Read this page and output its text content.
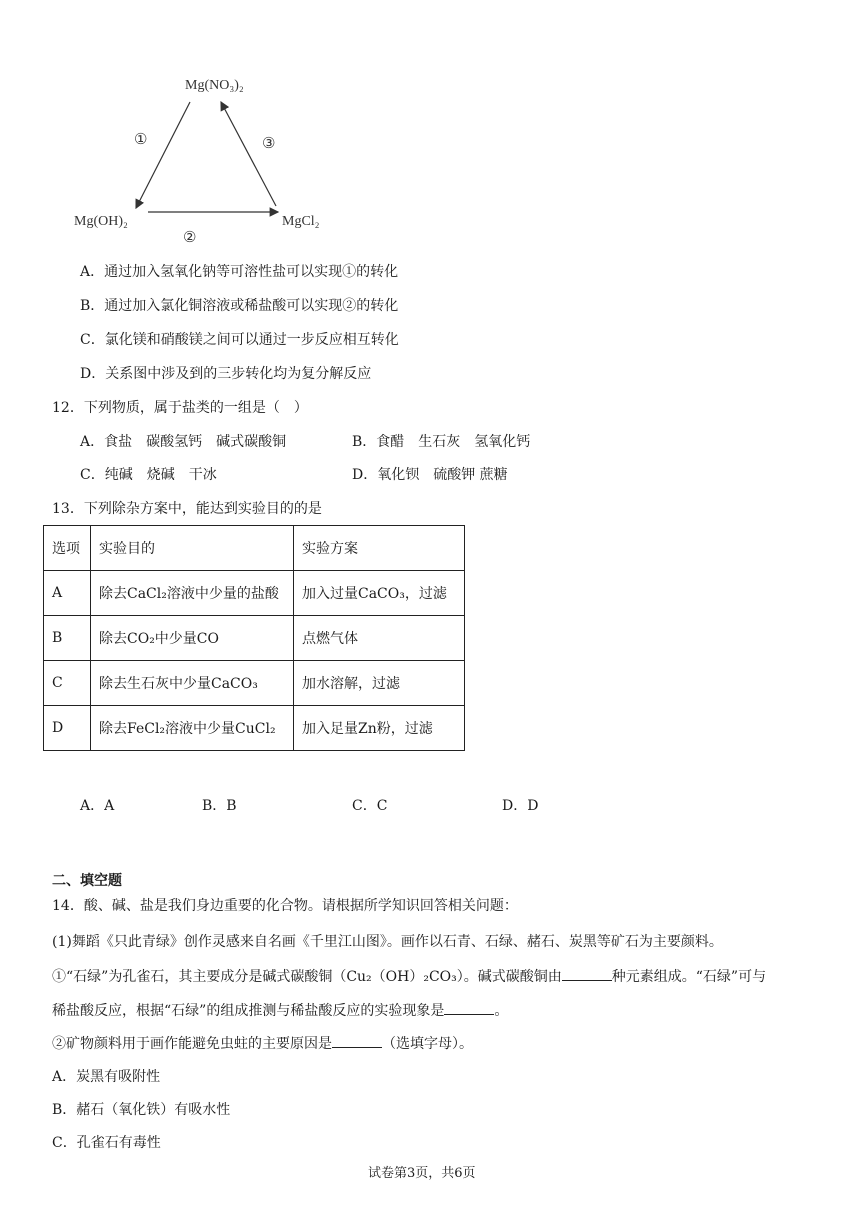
Mg(NO₃)₂
Mg(OH)₂	MgCl₂
①
②
③
A．通过加入氢氧化钠等可溶性盐可以实现①的转化
B．通过加入氯化铜溶液或稀盐酸可以实现②的转化
C．氯化镁和硝酸镁之间可以通过一步反应相互转化
D．关系图中涉及到的三步转化均为复分解反应
12．下列物质，属于盐类的一组是（　）
A．食盐　碳酸氢钙　碱式碳酸铜	B．食醋　生石灰　氢氧化钙
C．纯碱　烧碱　干冰	D．氧化钡　硫酸钾 蔗糖
13．下列除杂方案中，能达到实验目的的是
选项	实验目的	实验方案
A	除去CaCl₂溶液中少量的盐酸	加入过量CaCO₃，过滤
B	除去CO₂中少量CO	点燃气体
C	除去生石灰中少量CaCO₃	加水溶解，过滤
D	除去FeCl₂溶液中少量CuCl₂	加入足量Zn粉，过滤
A．A	B．B	C．C	D．D
二、填空题
14．酸、碱、盐是我们身边重要的化合物。请根据所学知识回答相关问题：
(1)舞蹈《只此青绿》创作灵感来自名画《千里江山图》。画作以石青、石绿、赭石、炭黑等矿石为主要颜料。
①“石绿”为孔雀石，其主要成分是碱式碳酸铜（Cu₂（OH）₂CO₃）。碱式碳酸铜由	种元素组成。“石绿”可与
稀盐酸反应，根据“石绿”的组成推测与稀盐酸反应的实验现象是	。
②矿物颜料用于画作能避免虫蛀的主要原因是	（选填字母）。
A．炭黑有吸附性
B．赭石（氧化铁）有吸水性
C．孔雀石有毒性
试卷第3页，共6页
